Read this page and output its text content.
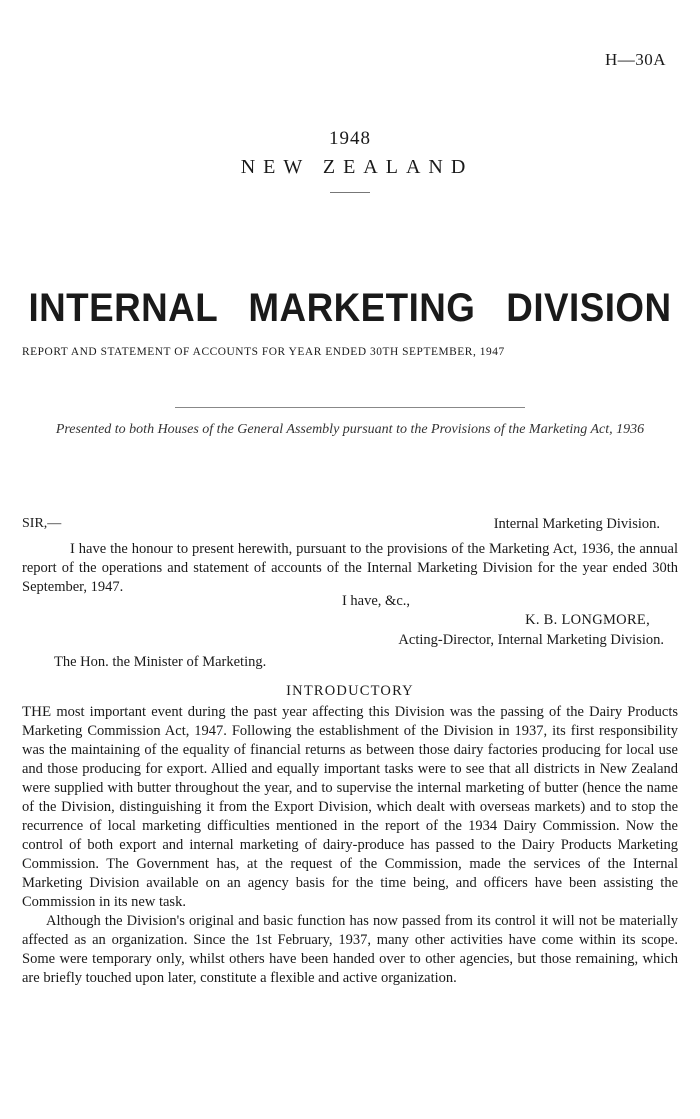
H—30A
1948
NEW ZEALAND
INTERNAL MARKETING DIVISION
REPORT AND STATEMENT OF ACCOUNTS FOR YEAR ENDED 30TH SEPTEMBER, 1947
Presented to both Houses of the General Assembly pursuant to the Provisions of the Marketing Act, 1936
SIR,—	Internal Marketing Division.
I have the honour to present herewith, pursuant to the provisions of the Marketing Act, 1936, the annual report of the operations and statement of accounts of the Internal Marketing Division for the year ended 30th September, 1947.
I have, &c.,
K. B. LONGMORE,
Acting-Director, Internal Marketing Division.
The Hon. the Minister of Marketing.
INTRODUCTORY

THE most important event during the past year affecting this Division was the passing of the Dairy Products Marketing Commission Act, 1947. Following the establishment of the Division in 1937, its first responsibility was the maintaining of the equality of financial returns as between those dairy factories producing for local use and those producing for export. Allied and equally important tasks were to see that all districts in New Zealand were supplied with butter throughout the year, and to supervise the internal marketing of butter (hence the name of the Division, distinguishing it from the Export Division, which dealt with overseas markets) and to stop the recurrence of local marketing difficulties mentioned in the report of the 1934 Dairy Commission. Now the control of both export and internal marketing of dairy-produce has passed to the Dairy Products Marketing Commission. The Government has, at the request of the Commission, made the services of the Internal Marketing Division available on an agency basis for the time being, and officers have been assisting the Commission in its new task.

Although the Division's original and basic function has now passed from its control it will not be materially affected as an organization. Since the 1st February, 1937, many other activities have come within its scope. Some were temporary only, whilst others have been handed over to other agencies, but those remaining, which are briefly touched upon later, constitute a flexible and active organization.
